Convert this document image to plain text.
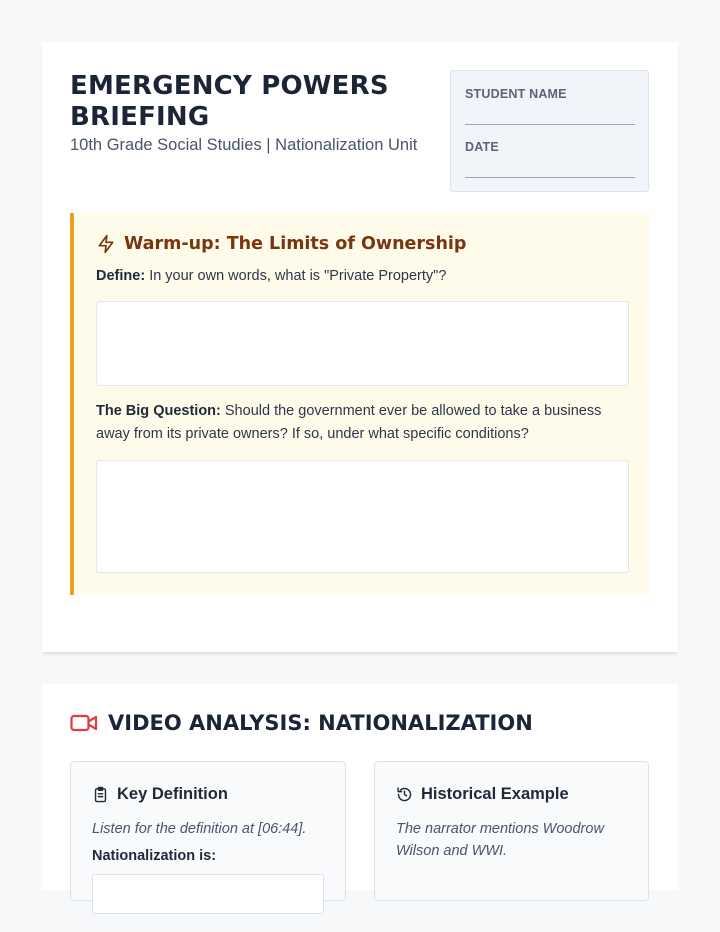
EMERGENCY POWERS BRIEFING
10th Grade Social Studies | Nationalization Unit
STUDENT NAME
DATE
Warm-up: The Limits of Ownership

Define: In your own words, what is "Private Property"?

The Big Question: Should the government ever be allowed to take a business away from its private owners? If so, under what specific conditions?

VIDEO ANALYSIS: NATIONALIZATION
Key Definition
Listen for the definition at [06:44].
Nationalization is:
Historical Example
The narrator mentions Woodrow Wilson and WWI.
